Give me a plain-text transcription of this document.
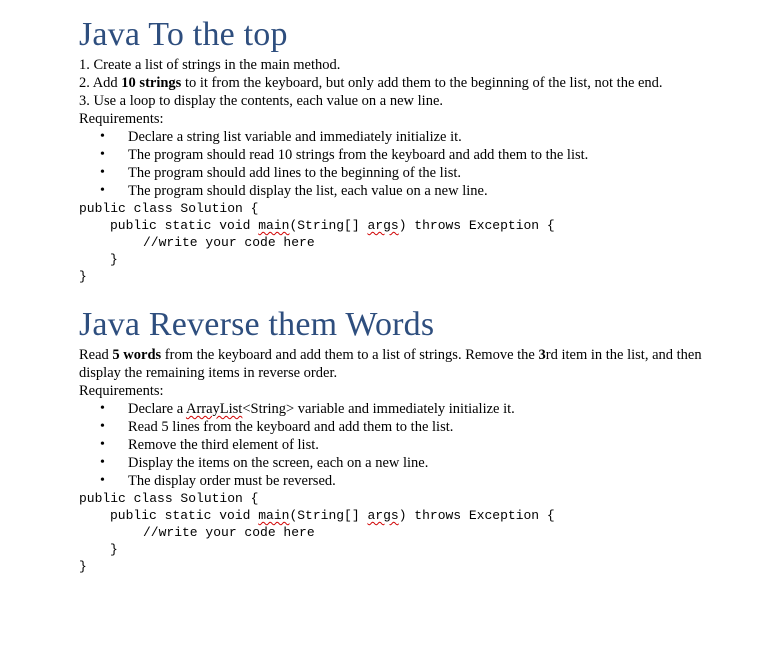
Java To the top

1. Create a list of strings in the main method.

2. Add 10 strings to it from the keyboard, but only add them to the beginning of the list, not the end.

3. Use a loop to display the contents, each value on a new line.

Requirements:

• Declare a string list variable and immediately initialize it.
• The program should read 10 strings from the keyboard and add them to the list.
• The program should add lines to the beginning of the list.
• The program should display the list, each value on a new line.
public class Solution {
public static void main(String[] args) throws Exception {
//write your code here
}
}
Java Reverse them Words

Read 5 words from the keyboard and add them to a list of strings. Remove the 3rd item in the list, and then display the remaining items in reverse order.

Requirements:

• Declare a ArrayList<String> variable and immediately initialize it.
• Read 5 lines from the keyboard and add them to the list.
• Remove the third element of list.
• Display the items on the screen, each on a new line.
• The display order must be reversed.
public class Solution {
public static void main(String[] args) throws Exception {
//write your code here
}
}
